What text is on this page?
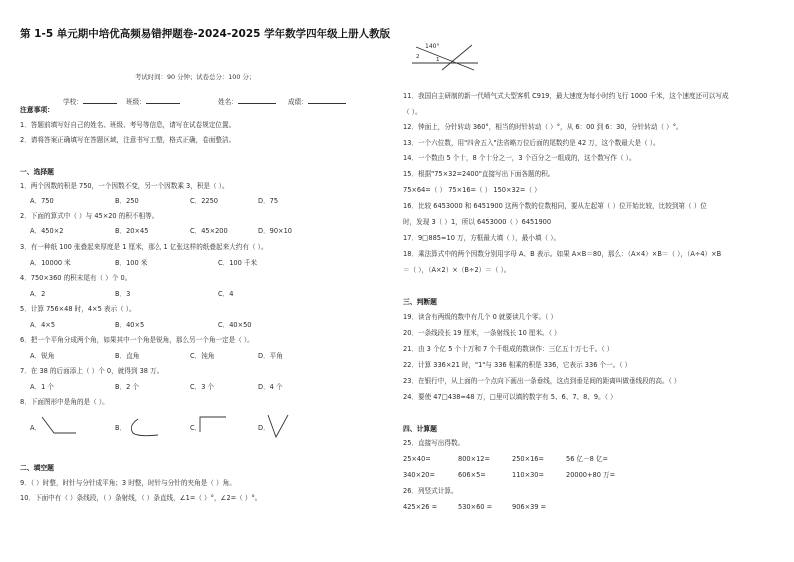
第 1-5 单元期中培优高频易错押题卷-2024-2025 学年数学四年级上册人教版
考试时间：90 分钟；试卷总分：100 分；
学校：	班级：	姓名：	成绩：
注意事项：
1．答题前填写好自己的姓名、班级、考号等信息，请写在试卷规定位置。
2．请将答案正确填写在答题区域，注意书写工整，格式正确，卷面整洁。
一、选择题
1．两个因数的积是 750，一个因数不变，另一个因数乘 3，积是（ ）。
A．750	B．250	C．2250	D．75
2．下面的算式中（ ）与 45×20 的积不相等。
A．450×2	B．20×45	C．45×200	D．90×10
3．有一种纸 100 张叠起来厚度是 1 厘米，那么 1 亿张这样的纸叠起来大约有（ ）。
A．10000 米	B．100 米	C．100 千米
4．750×360 的积末尾有（ ）个 0。
A．2	B．3	C．4
5．计算 756×48 时，4×5 表示（ ）。
A．4×5	B．40×5	C．40×50
6．把一个平角分成两个角，如果其中一个角是锐角，那么另一个角一定是（ ）。
A．锐角	B．直角	C．钝角	D．平角
7．在 38 的后面添上（ ）个 0，就得到 38 万。
A．1 个	B．2 个	C．3 个	D．4 个
8．下面图形中是角的是（ ）。
A．	B．	C．	D．
二、填空题
9．（ ）时整，时针与分针成平角；3 时整，时针与分针的夹角是（ ）角。
10．下面中有（ ）条线段，（ ）条射线，（ ）条直线，∠1=（ ）°，∠2=（ ）°。
140°
2	1
11．我国自主研制的新一代喷气式大型客机 C919，最大速度为每小时约飞行 1000 千米，这个速度还可以写成
（ ）。
12．钟面上，分针转动 360°，相当的时针转动（ ）°，从 6：00 到 6：30，分针转动（ ）°。
13．一个六位数，用"四舍五入"法省略万位后面的尾数约是 42 万，这个数最大是（ ）。
14．一个数由 5 个十，8 个十分之一，3 个百分之一组成的，这个数写作（ ）。
15．根据"75×32=2400"直接写出下面各题的积。
75×64=（ ） 75×16=（ ） 150×32=（ ）
16．比较 6453000 和 6451900 这两个数的位数相同，要从左起第（ ）位开始比较，比较到第（ ）位
时，发现 3（ ）1，所以 6453000（ ）6451900
17．9□885≈10 万，方框最大填（ ），最小填（ ）。
18．乘法算式中的两个因数分别用字母 A、B 表示。如果 A×B＝80，那么：（A×4）×B＝（ ），（A÷4）×B
＝（ ），（A×2）×（B÷2）＝（ ）。
三、判断题
19．读含有两级的数中有几个 0 就要读几个零。（ ）
20．一条线段长 19 厘米，一条射线长 10 厘米。（ ）
21．由 3 个亿 5 个十万和 7 个千组成的数读作：三亿五十万七千。（ ）
22．计算 336×21 时，"1"与 336 相乘的积是 336，它表示 336 个一。（ ）
23．在银行中，从上面的一个点向下画出一条垂线，这点到垂足间的距离叫做垂线段的高。（ ）
24．要使 47□438≈48 万，□里可以填的数字有 5、6、7、8、9。（ ）
四、计算题
25．直接写出得数。
25×40=	800×12=	250×16=	56 亿－8 亿=
340×20=	606×5=	110×30=	20000+80 万=
26．列竖式计算。
425×26 =	530×60 =	906×39 =
